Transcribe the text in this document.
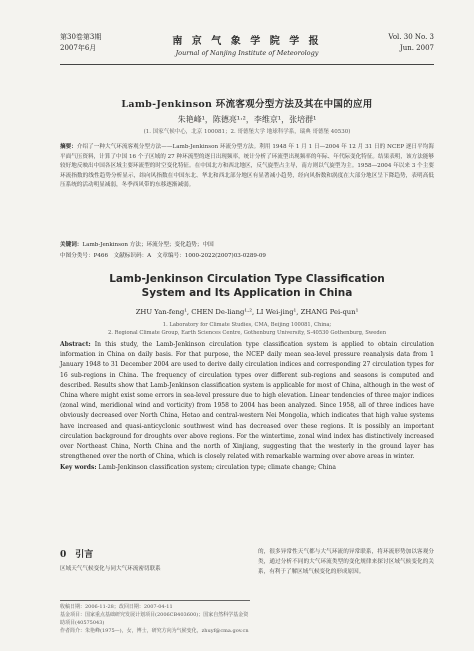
第30卷第3期
2007年6月
南 京 气 象 学 院 学 报
Journal of Nanjing Institute of Meteorology
Vol. 30 No. 3
Jun. 2007
Lamb-Jenkinson 环流客观分型方法及其在中国的应用
朱艳峰¹，陈德亮¹·²，李维京¹，张培群¹
(1. 国家气候中心，北京 100081；2. 哥德堡大学 地球科学系，瑞典 哥德堡 40530)
摘要：介绍了一种大气环流客观分型方法——Lamb-Jenkinson 环流分型方法。利用 1948 年 1 月 1 日—2004 年 12 月 31 日的 NCEP 逐日平均海平面气压资料，计算了中国 16 个子区域的 27 种环流型的逐日出现频率，统计分析了环流型出现频率的年际、年代际变化特征。结果表明，该方法能够较好地反映出中国各区域主要环流型的时空变化特征。在中国北方和西北地区，反气旋型占主导，南方则以气旋型为主。1958—2004 年以来 3 个主要环流指数的线性趋势分析显示，纬向风指数在中国东北、华北和西北部分地区有显著减小趋势，经向风指数和涡度在大部分地区呈下降趋势，表明高低压系统的活动明显减弱，冬季西风带的东移逐渐减弱。
关键词：Lamb-Jenkinson 方法；环流分型；变化趋势；中国
中图分类号：P466　文献标识码：A　文章编号：1000-2022(2007)03-0289-09
Lamb-Jenkinson Circulation Type Classification
System and Its Application in China
ZHU Yan-feng¹, CHEN De-liang¹·², LI Wei-jing¹, ZHANG Pei-qun¹
1. Laboratory for Climate Studies, CMA, Beijing 100081, China;
2. Regional Climate Group, Earth Sciences Centre, Gothenburg University, S-40530 Gothenburg, Sweden
Abstract: In this study, the Lamb-Jenkinson circulation type classification system is applied to obtain circulation information in China on daily basis. For that purpose, the NCEP daily mean sea-level pressure reanalysis data from 1 January 1948 to 31 December 2004 are used to derive daily circulation indices and corresponding 27 circulation types for 16 sub-regions in China. The frequency of circulation types over different sub-regions and seasons is computed and described. Results show that Lamb-Jenkinson classification system is applicable for most of China, although in the west of China where might exist some errors in sea-level pressure due to high elevation. Linear tendencies of three major indices (zonal wind, meridional wind and vorticity) from 1958 to 2004 has been analyzed. Since 1958, all of three indices have obviously decreased over North China, Hetao and central-western Nei Mongolia, which indicates that high value systems have increased and quasi-anticyclonic southwest wind has decreased over these regions. It is possibly an important circulation background for droughts over above regions. For the wintertime, zonal wind index has distinctively increased over Northeast China, North China and the north of Xinjiang, suggesting that the westerly in the ground layer has strengthened over the north of China, which is closely related with remarkable warming over above areas in winter.
Key words: Lamb-Jenkinson classification system; circulation type; climate change; China
0　引言
区域天气气候变化与同大气环流密切联系
的，很多异常性天气都与大气环流的异常联系，将环流形势加以客观分类，通过分析不同的大气环流类型的变化规律来探讨区域气候变化的关系，有利于了解区域气候变化的形成原因。
收稿日期：2006-11-28；改回日期：2007-04-11
基金项目：国家重点基础研究发展计划项目(2006CB403600)；国家自然科学基金资助项目(40575043)
作者简介：朱艳峰(1975—)，女，博士，研究方向为气候变化，zhuyf@cma.gov.cn
